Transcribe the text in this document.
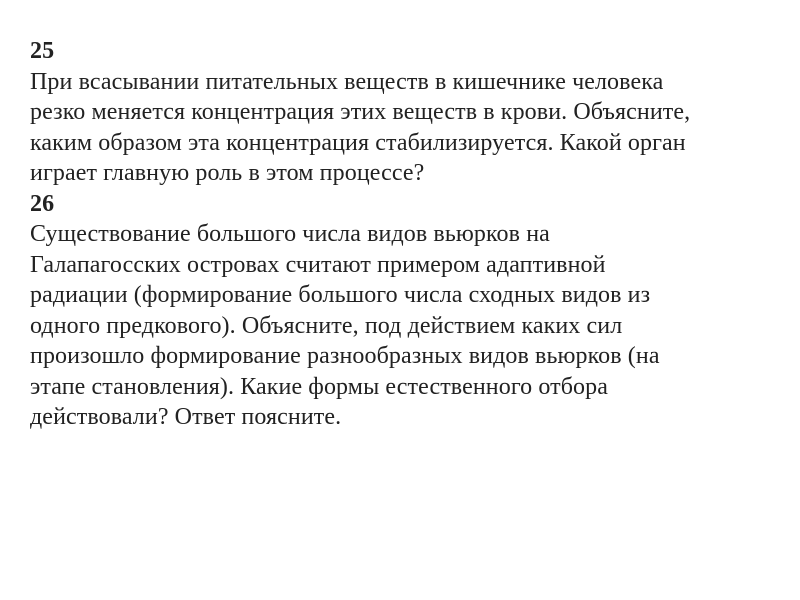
25
При всасывании питательных веществ в кишечнике человека
резко меняется концентрация этих веществ в крови. Объясните,
каким образом эта концентрация стабилизируется. Какой орган
играет главную роль в этом процессе?
26
Существование большого числа видов вьюрков на
Галапагосских островах считают примером адаптивной
радиации (формирование большого числа сходных видов из
одного предкового). Объясните, под действием каких сил
произошло формирование разнообразных видов вьюрков (на
этапе становления). Какие формы естественного отбора
действовали? Ответ поясните.
